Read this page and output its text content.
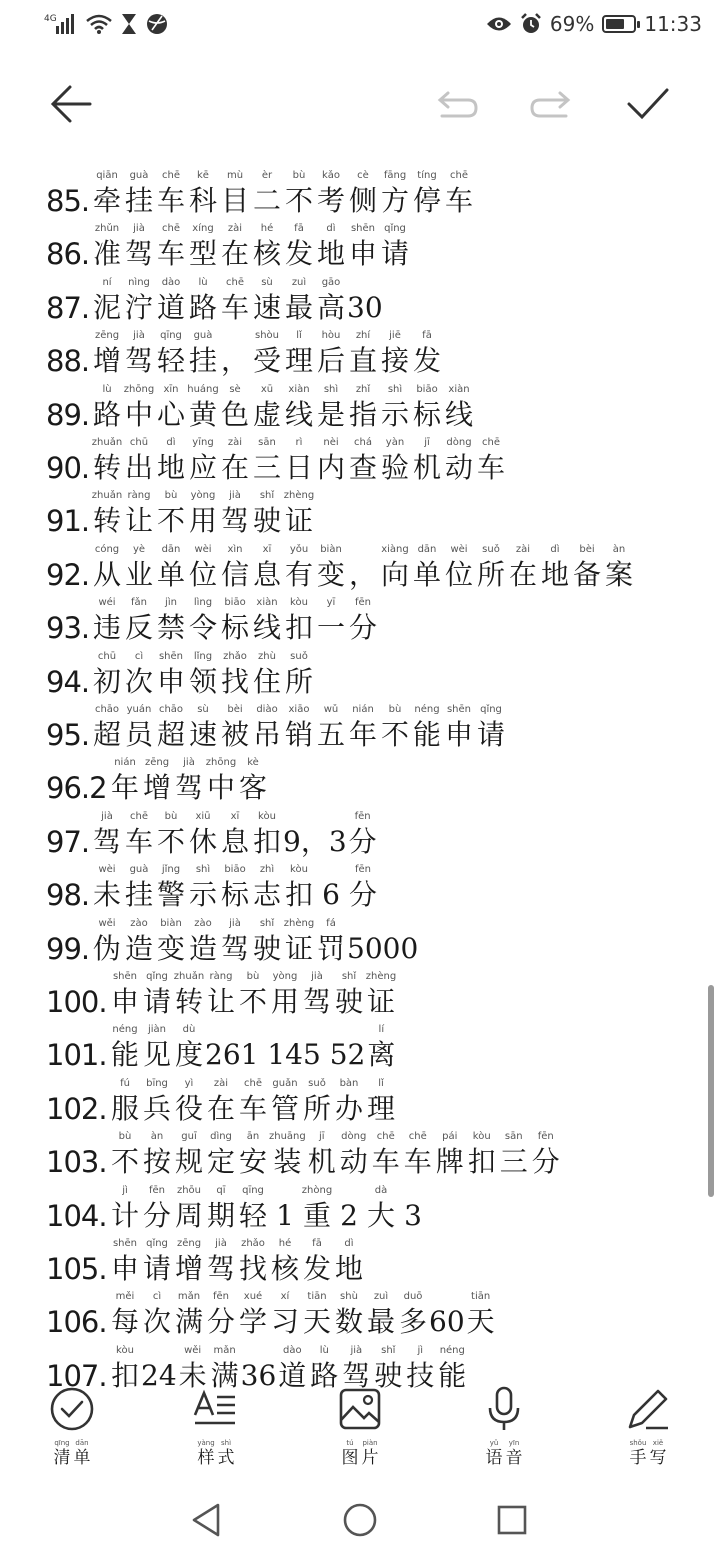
4G	69%	11:33
85.
qiān
牵
guà
挂
chē
车
kē
科
mù
目
èr
二
bù
不
kǎo
考
cè
侧
fāng
方
tíng
停
chē
车
86.
zhǔn
准
jià
驾
chē
车
xíng
型
zài
在
hé
核
fā
发
dì
地
shēn
申
qǐng
请
87.
ní
泥
nìng
泞
dào
道
lù
路
chē
车
sù
速
zuì
最
gāo
高 30
88.
zēng
增
jià
驾
qīng
轻
guà
挂 ，
shòu
受
lǐ
理
hòu
后
zhí
直
jiē
接
fā
发
89.
lù
路
zhōng
中
xīn
心
huáng
黄
sè
色
xū
虚
xiàn
线
shì
是
zhǐ
指
shì
示
biāo
标
xiàn
线
90.
zhuǎn
转
chū
出
dì
地
yīng
应
zài
在
sān
三
rì
日
nèi
内
chá
查
yàn
验
jī
机
dòng
动
chē
车
91.
zhuǎn
转
ràng
让
bù
不
yòng
用
jià
驾
shǐ
驶
zhèng
证
92.
cóng
从
yè
业
dān
单
wèi
位
xìn
信
xī
息
yǒu
有
biàn
变 ，
xiàng
向
dān
单
wèi
位
suǒ
所
zài
在
dì
地
bèi
备
àn
案
93.
wéi
违
fǎn
反
jìn
禁
lìng
令
biāo
标
xiàn
线
kòu
扣
yī
一
fēn
分
94.
chū
初
cì
次
shēn
申
lǐng
领
zhǎo
找
zhù
住
suǒ
所
95.
chāo
超
yuán
员
chāo
超
sù
速
bèi
被
diào
吊
xiāo
销
wǔ
五
nián
年
bù
不
néng
能
shēn
申
qǐng
请
96.2
nián
年
zēng
增
jià
驾
zhōng
中
kè
客
97.
jià
驾
chē
车
bù
不
xiū
休
xī
息
kòu
扣 9，3
fēn
分
98.
wèi
未
guà
挂
jǐng
警
shì
示
biāo
标
zhì
志
kòu
扣 6
fēn
分
99.
wěi
伪
zào
造
biàn
变
zào
造
jià
驾
shǐ
驶
zhèng
证
fá
罚 5000
100.
shēn
申
qǐng
请
zhuǎn
转
ràng
让
bù
不
yòng
用
jià
驾
shǐ
驶
zhèng
证
101.
néng
能
jiàn
见
dù
度 261 145 52
lí
离
102.
fú
服
bīng
兵
yì
役
zài
在
chē
车
guǎn
管
suǒ
所
bàn
办
lǐ
理
103.
bù
不
àn
按
guī
规
dìng
定
ān
安
zhuāng
装
jī
机
dòng
动
chē
车
chē
车
pái
牌
kòu
扣
sān
三
fēn
分
104.
jì
计
fēn
分
zhōu
周
qī
期
qīng
轻 1
zhòng
重 2
dà
大 3
105.
shēn
申
qǐng
请
zēng
增
jià
驾
zhǎo
找
hé
核
fā
发
dì
地
106.
měi
每
cì
次
mǎn
满
fēn
分
xué
学
xí
习
tiān
天
shù
数
zuì
最
duō
多 60
tiān
天
107.
kòu
扣 24
wěi
未
mǎn
满 36
dào
道
lù
路
jià
驾
shǐ
驶
jì
技
néng
能
qīng
清
dān
单
yàng
样
shì
式
tú
图
piàn
片
yǔ
语
yīn
音
shǒu
手
xiě
写
